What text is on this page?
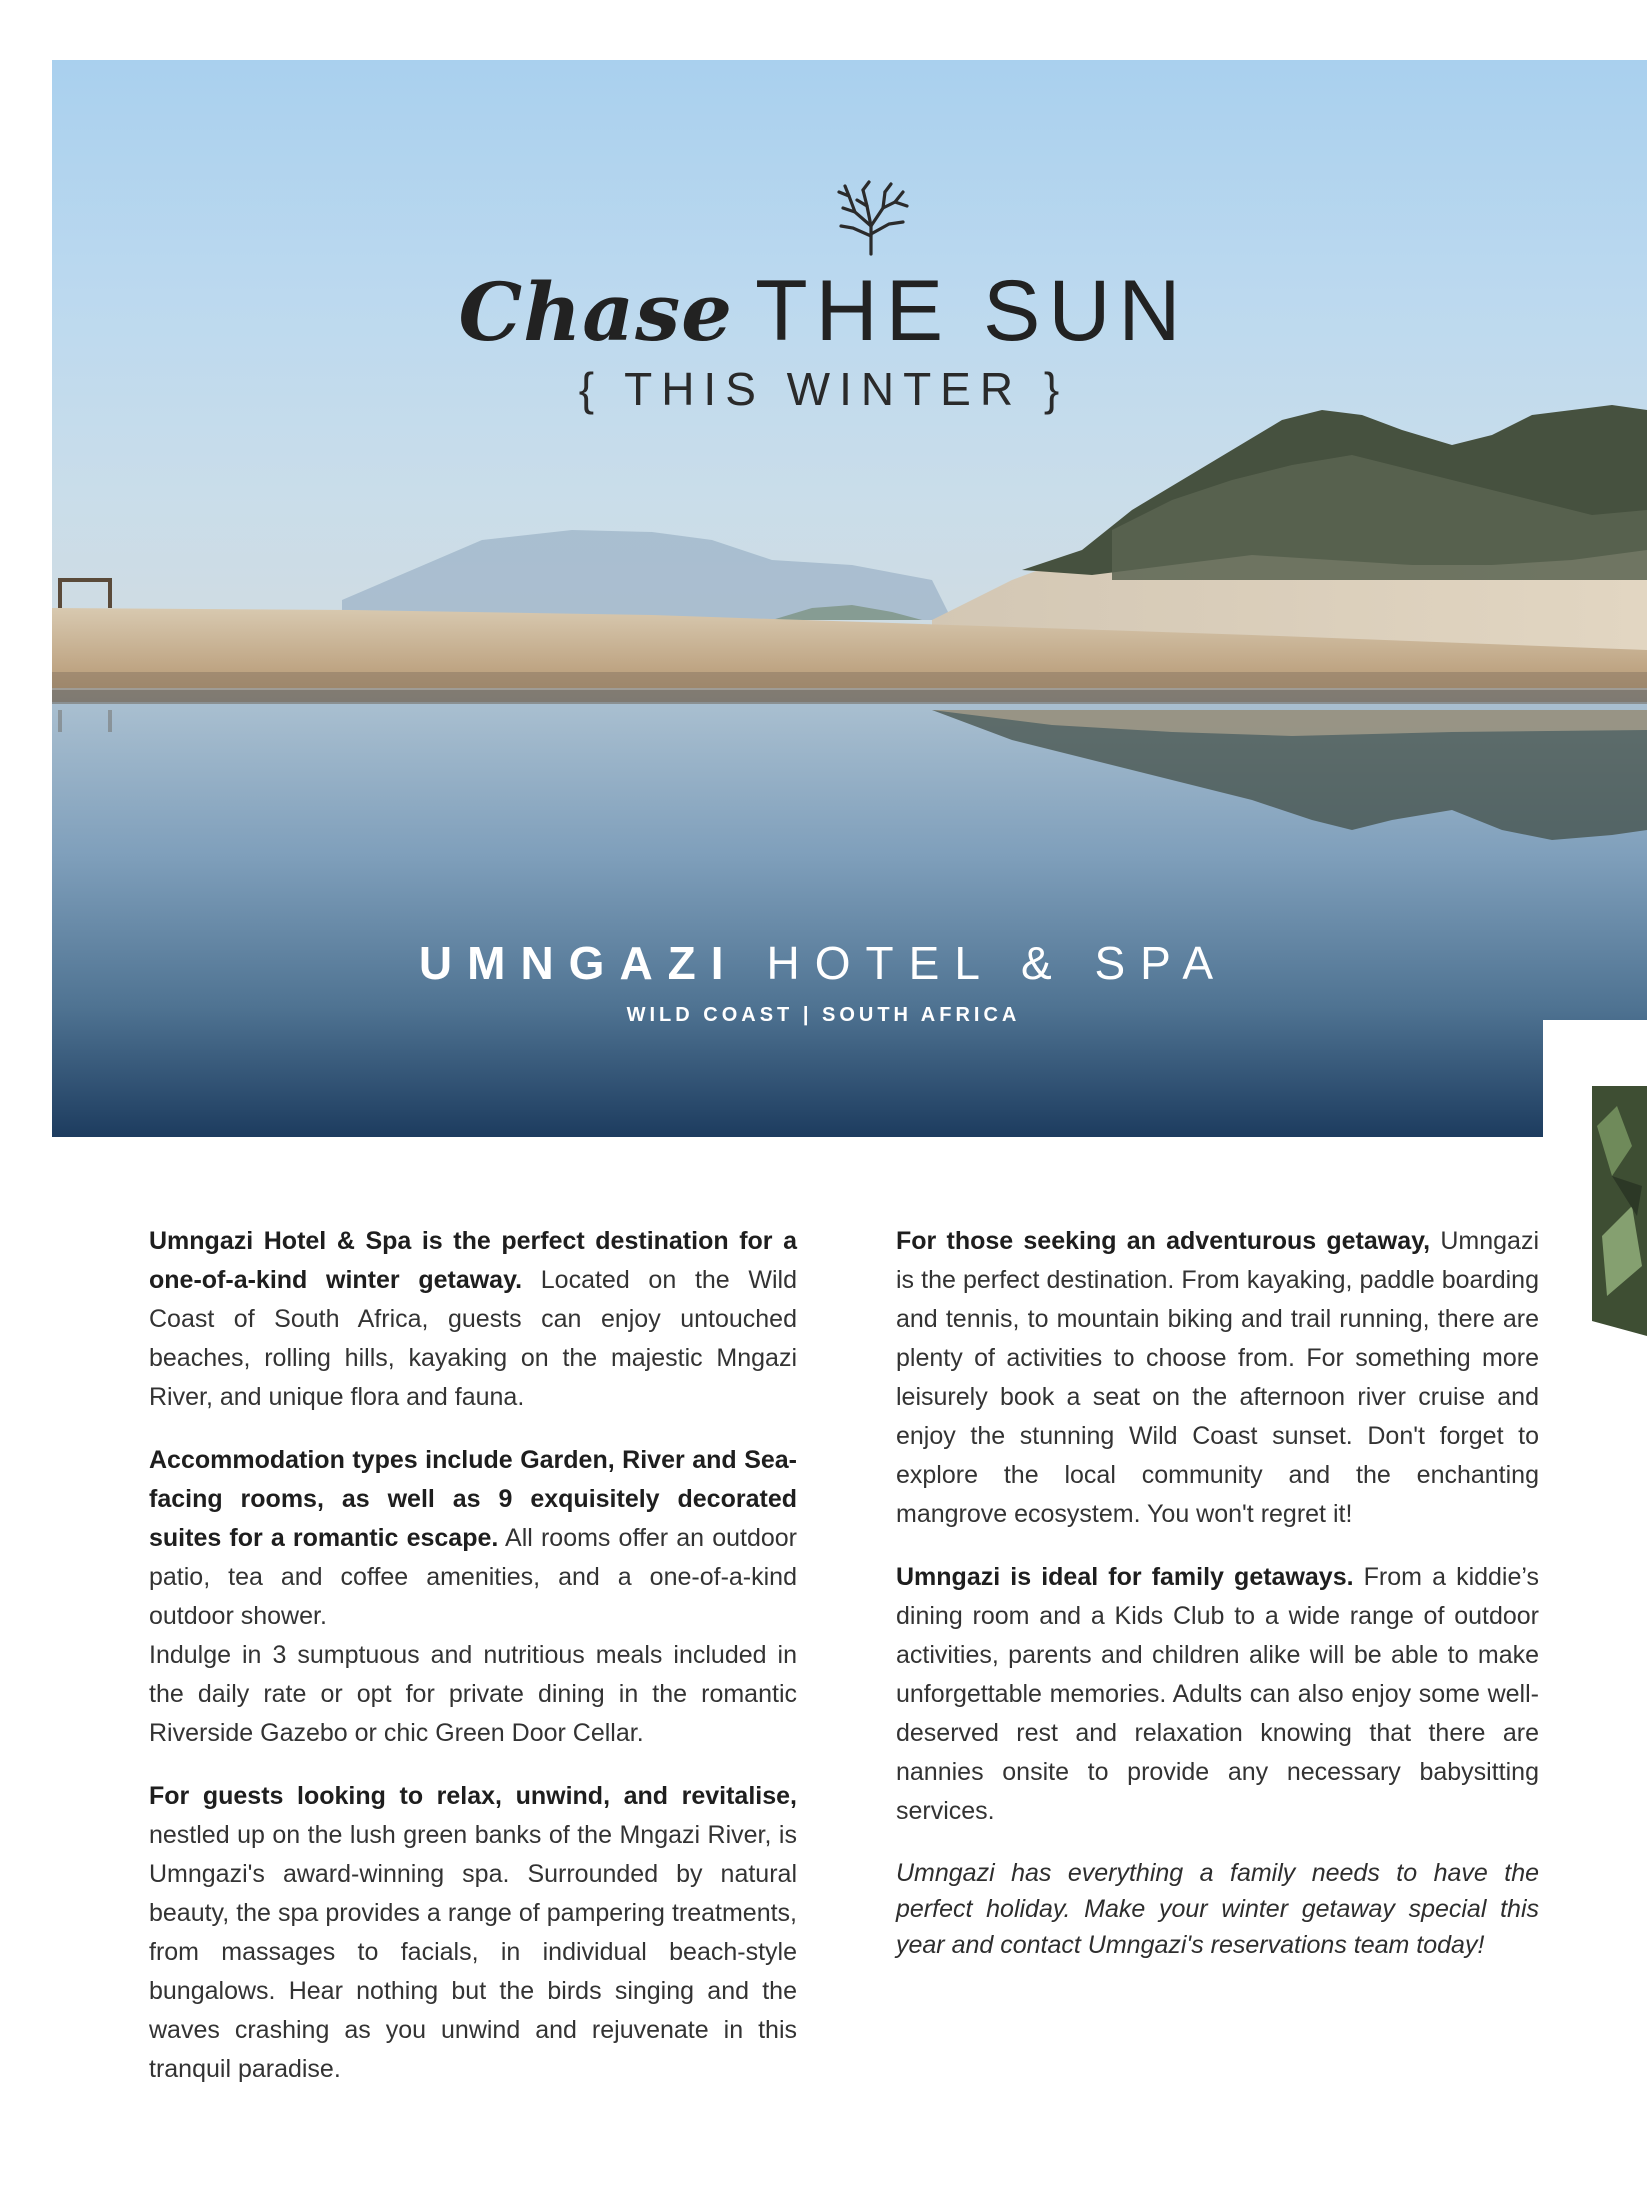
Chase THE SUN
{ THIS WINTER }
UMNGAZI HOTEL & SPA
WILD COAST | SOUTH AFRICA

Umngazi Hotel & Spa is the perfect destination for a one-of-a-kind winter getaway. Located on the Wild Coast of South Africa, guests can enjoy untouched beaches, rolling hills, kayaking on the majestic Mngazi River, and unique flora and fauna.

Accommodation types include Garden, River and Sea-facing rooms, as well as 9 exquisitely decorated suites for a romantic escape. All rooms offer an outdoor patio, tea and coffee amenities, and a one-of-a-kind outdoor shower.

Indulge in 3 sumptuous and nutritious meals included in the daily rate or opt for private dining in the romantic Riverside Gazebo or chic Green Door Cellar.

For guests looking to relax, unwind, and revitalise, nestled up on the lush green banks of the Mngazi River, is Umngazi's award-winning spa. Surrounded by natural beauty, the spa provides a range of pampering treatments, from massages to facials, in individual beach-style bungalows. Hear nothing but the birds singing and the waves crashing as you unwind and rejuvenate in this tranquil paradise.

For those seeking an adventurous getaway, Umngazi is the perfect destination. From kayaking, paddle boarding and tennis, to mountain biking and trail running, there are plenty of activities to choose from. For something more leisurely book a seat on the afternoon river cruise and enjoy the stunning Wild Coast sunset. Don't forget to explore the local community and the enchanting mangrove ecosystem. You won't regret it!

Umngazi is ideal for family getaways. From a kiddie’s dining room and a Kids Club to a wide range of outdoor activities, parents and children alike will be able to make unforgettable memories. Adults can also enjoy some well-deserved rest and relaxation knowing that there are nannies onsite to provide any necessary babysitting services.

Umngazi has everything a family needs to have the perfect holiday. Make your winter getaway special this year and contact Umngazi's reservations team today!
